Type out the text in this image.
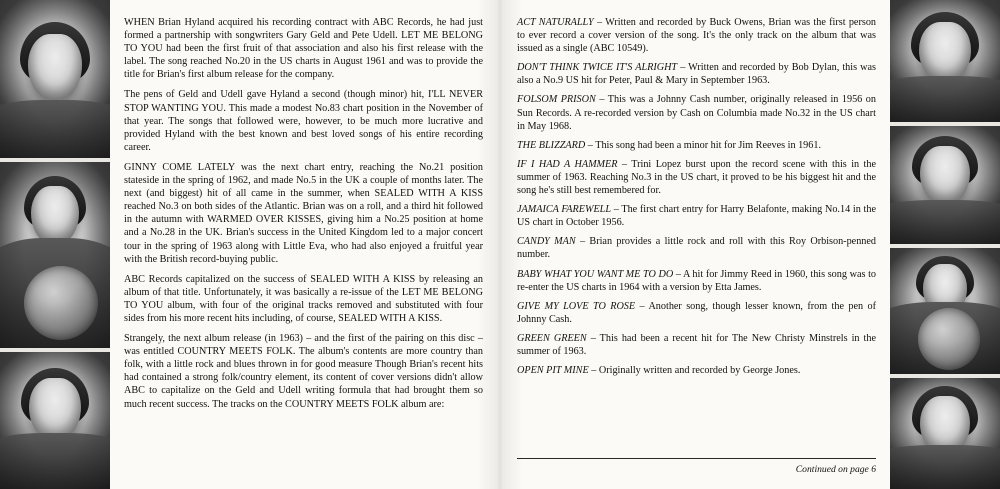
WHEN Brian Hyland acquired his recording contract with ABC Records, he had just formed a partnership with songwriters Gary Geld and Pete Udell. LET ME BELONG TO YOU had been the first fruit of that association and also his first release with the label. The song reached No.20 in the US charts in August 1961 and was to provide the title for Brian's first album release for the company.

The pens of Geld and Udell gave Hyland a second (though minor) hit, I'LL NEVER STOP WANTING YOU. This made a modest No.83 chart position in the November of that year. The songs that followed were, however, to be much more lucrative and provided Hyland with the best known and best loved songs of his entire recording career.

GINNY COME LATELY was the next chart entry, reaching the No.21 position stateside in the spring of 1962, and made No.5 in the UK a couple of months later. The next (and biggest) hit of all came in the summer, when SEALED WITH A KISS reached No.3 on both sides of the Atlantic. Brian was on a roll, and a third hit followed in the autumn with WARMED OVER KISSES, giving him a No.25 position at home and a No.28 in the UK. Brian's success in the United Kingdom led to a major concert tour in the spring of 1963 along with Little Eva, who had also enjoyed a fruitful year with the British record-buying public.

ABC Records capitalized on the success of SEALED WITH A KISS by releasing an album of that title. Unfortunately, it was basically a re-issue of the LET ME BELONG TO YOU album, with four of the original tracks removed and substituted with four sides from his more recent hits including, of course, SEALED WITH A KISS.

Strangely, the next album release (in 1963) – and the first of the pairing on this disc – was entitled COUNTRY MEETS FOLK. The album's contents are more country than folk, with a little rock and blues thrown in for good measure Though Brian's recent hits had contained a strong folk/country element, its content of cover versions didn't allow ABC to capitalize on the Geld and Udell writing formula that had brought them so much recent success. The tracks on the COUNTRY MEETS FOLK album are:

ACT NATURALLY – Written and recorded by Buck Owens, Brian was the first person to ever record a cover version of the song. It's the only track on the album that was issued as a single (ABC 10549).

DON'T THINK TWICE IT'S ALRIGHT – Written and recorded by Bob Dylan, this was also a No.9 US hit for Peter, Paul & Mary in September 1963.

FOLSOM PRISON – This was a Johnny Cash number, originally released in 1956 on Sun Records. A re-recorded version by Cash on Columbia made No.32 in the US chart in May 1968.

THE BLIZZARD – This song had been a minor hit for Jim Reeves in 1961.

IF I HAD A HAMMER – Trini Lopez burst upon the record scene with this in the summer of 1963. Reaching No.3 in the US chart, it proved to be his biggest hit and the song he's still best remembered for.

JAMAICA FAREWELL – The first chart entry for Harry Belafonte, making No.14 in the US chart in October 1956.

CANDY MAN – Brian provides a little rock and roll with this Roy Orbison-penned number.

BABY WHAT YOU WANT ME TO DO – A hit for Jimmy Reed in 1960, this song was to re-enter the US charts in 1964 with a version by Etta James.

GIVE MY LOVE TO ROSE – Another song, though lesser known, from the pen of Johnny Cash.

GREEN GREEN – This had been a recent hit for The New Christy Minstrels in the summer of 1963.

OPEN PIT MINE – Originally written and recorded by George Jones.

Continued on page 6
